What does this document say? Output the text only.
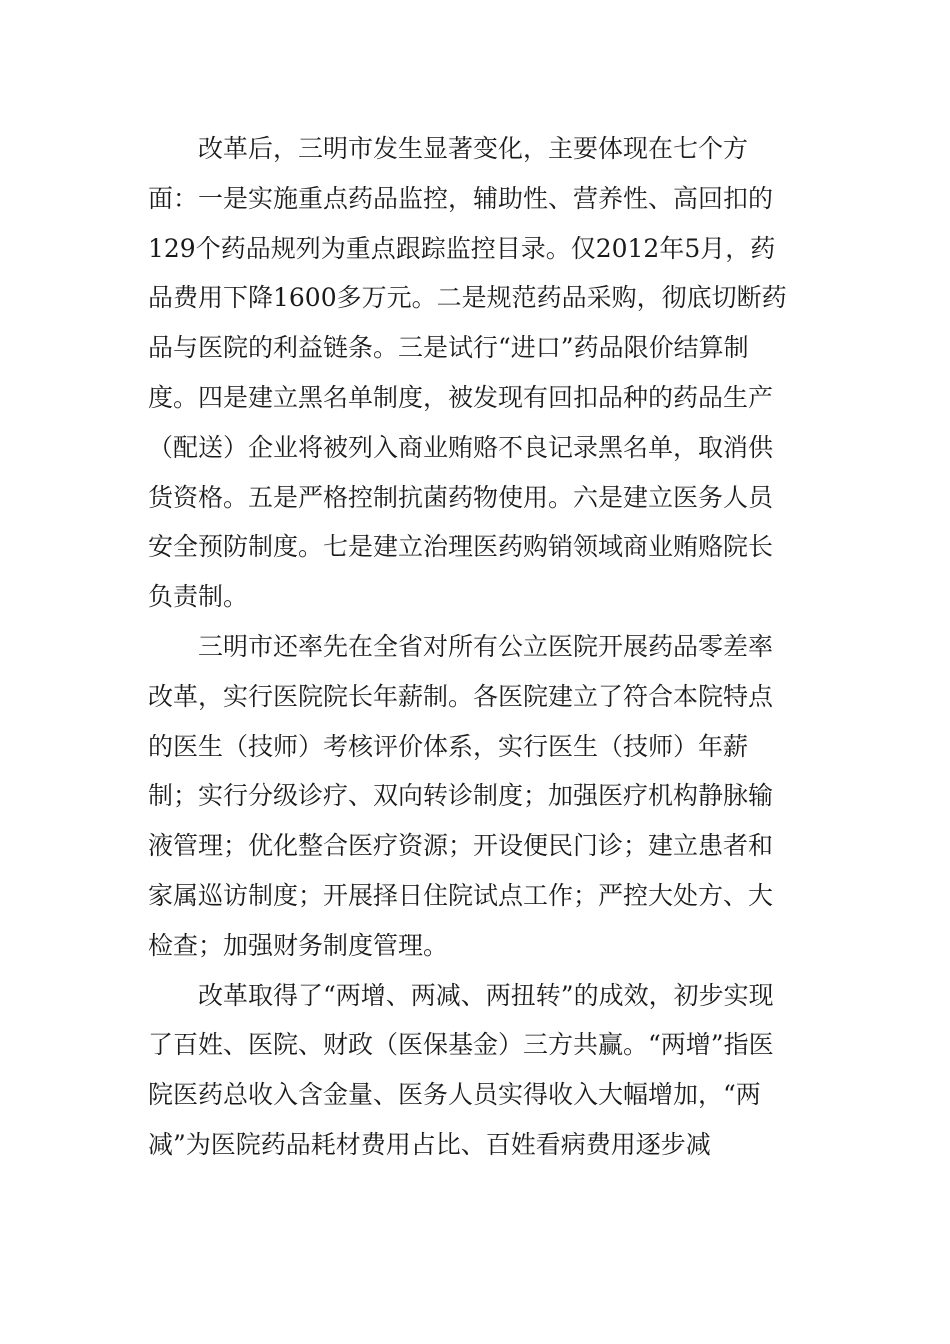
改革后，三明市发生显著变化，主要体现在七个方
面：一是实施重点药品监控，辅助性、营养性、高回扣的
129个药品规列为重点跟踪监控目录。仅2012年5月，药
品费用下降1600多万元。二是规范药品采购，彻底切断药
品与医院的利益链条。三是试行“进口”药品限价结算制
度。四是建立黑名单制度，被发现有回扣品种的药品生产
（配送）企业将被列入商业贿赂不良记录黑名单，取消供
货资格。五是严格控制抗菌药物使用。六是建立医务人员
安全预防制度。七是建立治理医药购销领域商业贿赂院长
负责制。
三明市还率先在全省对所有公立医院开展药品零差率
改革，实行医院院长年薪制。各医院建立了符合本院特点
的医生（技师）考核评价体系，实行医生（技师）年薪
制；实行分级诊疗、双向转诊制度；加强医疗机构静脉输
液管理；优化整合医疗资源；开设便民门诊；建立患者和
家属巡访制度；开展择日住院试点工作；严控大处方、大
检查；加强财务制度管理。
改革取得了“两增、两减、两扭转”的成效，初步实现
了百姓、医院、财政（医保基金）三方共赢。“两增”指医
院医药总收入含金量、医务人员实得收入大幅增加，“两
减”为医院药品耗材费用占比、百姓看病费用逐步减
